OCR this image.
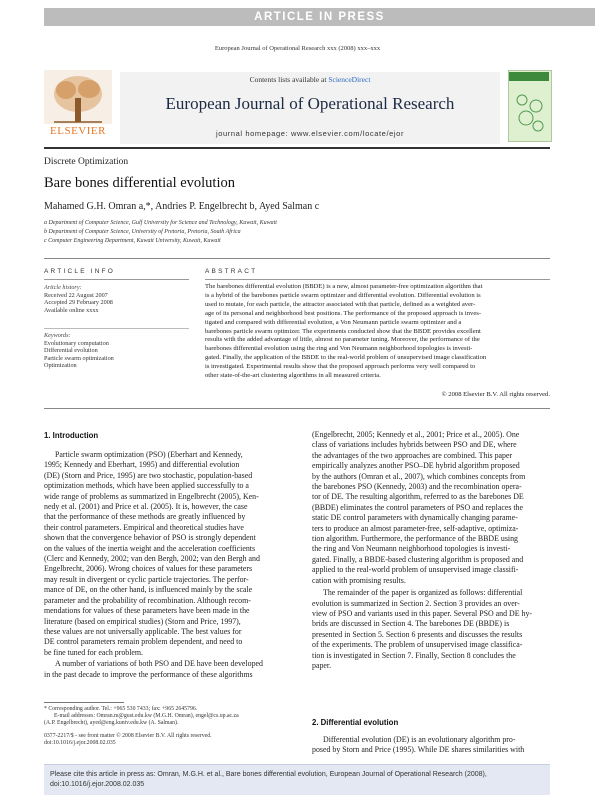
ARTICLE IN PRESS
European Journal of Operational Research xxx (2008) xxx–xxx
Contents lists available at ScienceDirect
European Journal of Operational Research
journal homepage: www.elsevier.com/locate/ejor
ELSEVIER
Discrete Optimization
Bare bones differential evolution
Mahamed G.H. Omran a,*, Andries P. Engelbrecht b, Ayed Salman c
a Department of Computer Science, Gulf University for Science and Technology, Kuwait, Kuwait
b Department of Computer Science, University of Pretoria, Pretoria, South Africa
c Computer Engineering Department, Kuwait University, Kuwait, Kuwait
ARTICLE INFO
Article history:
Received 22 August 2007
Accepted 29 February 2008
Available online xxxx
Keywords:
Evolutionary computation
Differential evolution
Particle swarm optimization
Optimization
ABSTRACT
The barebones differential evolution (BBDE) is a new, almost parameter-free optimization algorithm that
is a hybrid of the barebones particle swarm optimizer and differential evolution. Differential evolution is
used to mutate, for each particle, the attractor associated with that particle, defined as a weighted aver-
age of its personal and neighborhood best positions. The performance of the proposed approach is inves-
tigated and compared with differential evolution, a Von Neumann particle swarm optimizer and a
barebones particle swarm optimizer. The experiments conducted show that the BBDE provides excellent
results with the added advantage of little, almost no parameter tuning. Moreover, the performance of the
barebones differential evolution using the ring and Von Neumann neighborhood topologies is investi-
gated. Finally, the application of the BBDE to the real-world problem of unsupervised image classification
is investigated. Experimental results show that the proposed approach performs very well compared to
other state-of-the-art clustering algorithms in all measured criteria.
© 2008 Elsevier B.V. All rights reserved.
1. Introduction
Particle swarm optimization (PSO) (Eberhart and Kennedy,
1995; Kennedy and Eberhart, 1995) and differential evolution
(DE) (Storn and Price, 1995) are two stochastic, population-based
optimization methods, which have been applied successfully to a
wide range of problems as summarized in Engelbrecht (2005), Ken-
nedy et al. (2001) and Price et al. (2005). It is, however, the case
that the performance of these methods are greatly influenced by
their control parameters. Empirical and theoretical studies have
shown that the convergence behavior of PSO is strongly dependent
on the values of the inertia weight and the acceleration coefficients
(Clerc and Kennedy, 2002; van den Bergh, 2002; van den Bergh and
Engelbrecht, 2006). Wrong choices of values for these parameters
may result in divergent or cyclic particle trajectories. The perfor-
mance of DE, on the other hand, is influenced mainly by the scale
parameter and the probability of recombination. Although recom-
mendations for values of these parameters have been made in the
literature (based on empirical studies) (Storn and Price, 1997),
these values are not universally applicable. The best values for
DE control parameters remain problem dependent, and need to
be fine tuned for each problem.
A number of variations of both PSO and DE have been developed
in the past decade to improve the performance of these algorithms
* Corresponding author. Tel.: +965 530 7433; fax: +965 2645796.
E-mail addresses: Omran.m@gust.edu.kw (M.G.H. Omran), engel@cs.up.ac.za
(A.P. Engelbrecht), ayed@eng.kuniv.edu.kw (A. Salman).
0377-2217/$ - see front matter © 2008 Elsevier B.V. All rights reserved.
doi:10.1016/j.ejor.2008.02.035
(Engelbrecht, 2005; Kennedy et al., 2001; Price et al., 2005). One
class of variations includes hybrids between PSO and DE, where
the advantages of the two approaches are combined. This paper
empirically analyzes another PSO–DE hybrid algorithm proposed
by the authors (Omran et al., 2007), which combines concepts from
the barebones PSO (Kennedy, 2003) and the recombination opera-
tor of DE. The resulting algorithm, referred to as the barebones DE
(BBDE) eliminates the control parameters of PSO and replaces the
static DE control parameters with dynamically changing parame-
ters to produce an almost parameter-free, self-adaptive, optimiza-
tion algorithm. Furthermore, the performance of the BBDE using
the ring and Von Neumann neighborhood topologies is investi-
gated. Finally, a BBDE-based clustering algorithm is proposed and
applied to the real-world problem of unsupervised image classifi-
cation with promising results.
The remainder of the paper is organized as follows: differential
evolution is summarized in Section 2. Section 3 provides an over-
view of PSO and variants used in this paper. Several PSO and DE hy-
brids are discussed in Section 4. The barebones DE (BBDE) is
presented in Section 5. Section 6 presents and discusses the results
of the experiments. The problem of unsupervised image classifica-
tion is investigated in Section 7. Finally, Section 8 concludes the
paper.
2. Differential evolution
Differential evolution (DE) is an evolutionary algorithm pro-
posed by Storn and Price (1995). While DE shares similarities with
Please cite this article in press as: Omran, M.G.H. et al., Bare bones differential evolution, European Journal of Operational Research (2008),
doi:10.1016/j.ejor.2008.02.035
